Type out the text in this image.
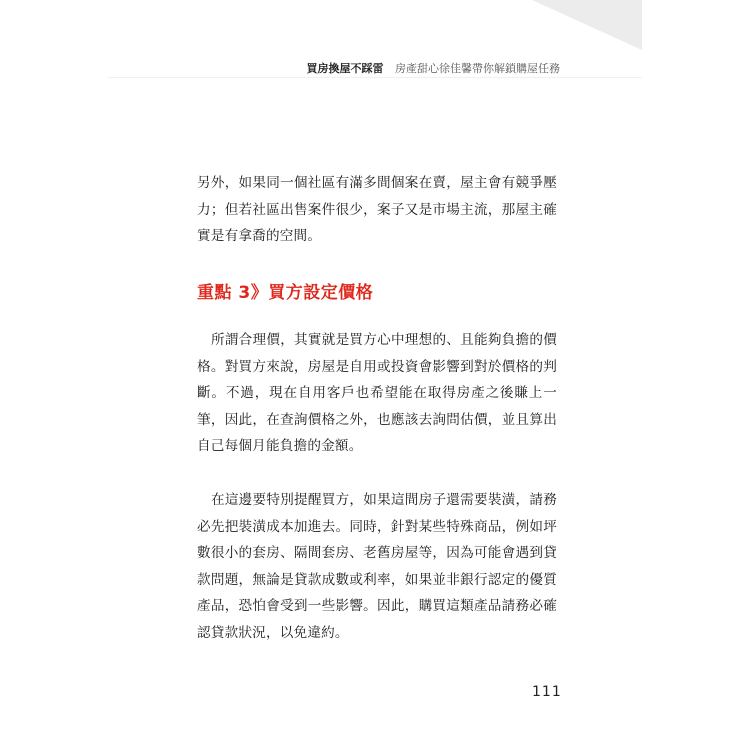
買房換屋不踩雷 房產甜心徐佳馨帶你解鎖購屋任務

另外，如果同一個社區有滿多間個案在賣，屋主會有競爭壓力；但若社區出售案件很少，案子又是市場主流，那屋主確實是有拿喬的空間。

重點 3》買方設定價格

所謂合理價，其實就是買方心中理想的、且能夠負擔的價格。對買方來說，房屋是自用或投資會影響到對於價格的判斷。不過，現在自用客戶也希望能在取得房產之後賺上一筆，因此，在查詢價格之外，也應該去詢問估價，並且算出自己每個月能負擔的金額。

在這邊要特別提醒買方，如果這間房子還需要裝潢，請務必先把裝潢成本加進去。同時，針對某些特殊商品，例如坪數很小的套房、隔間套房、老舊房屋等，因為可能會遇到貸款問題，無論是貸款成數或利率，如果並非銀行認定的優質產品，恐怕會受到一些影響。因此，購買這類產品請務必確認貸款狀況，以免違約。

111
